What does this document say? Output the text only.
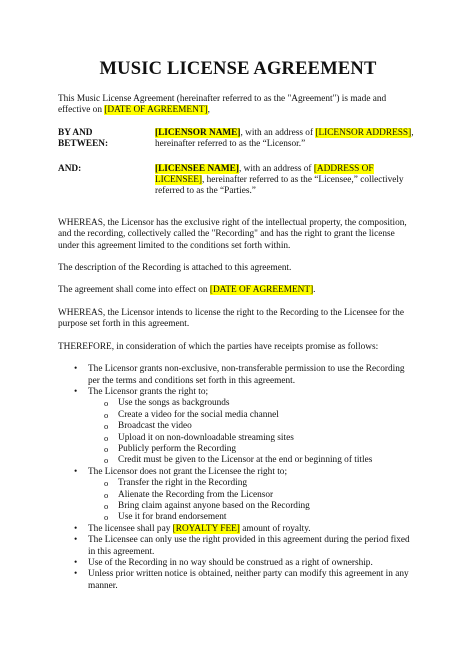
MUSIC LICENSE AGREEMENT

This Music License Agreement (hereinafter referred to as the "Agreement") is made and effective on [DATE OF AGREEMENT],

BY AND
BETWEEN:
[LICENSOR NAME], with an address of [LICENSOR ADDRESS], hereinafter referred to as the “Licensor.”
AND:	[LICENSEE NAME], with an address of [ADDRESS OF LICENSEE], hereinafter referred to as the “Licensee,” collectively referred to as the “Parties.”

WHEREAS, the Licensor has the exclusive right of the intellectual property, the composition, and the recording, collectively called the "Recording" and has the right to grant the license under this agreement limited to the conditions set forth within.

The description of the Recording is attached to this agreement.

The agreement shall come into effect on [DATE OF AGREEMENT].

WHEREAS, the Licensor intends to license the right to the Recording to the Licensee for the purpose set forth in this agreement.

THEREFORE, in consideration of which the parties have receipts promise as follows:

• The Licensor grants non-exclusive, non-transferable permission to use the Recording per the terms and conditions set forth in this agreement.
• The Licensor grants the right to;
o Use the songs as backgrounds
o Create a video for the social media channel
o Broadcast the video
o Upload it on non-downloadable streaming sites
o Publicly perform the Recording
o Credit must be given to the Licensor at the end or beginning of titles
• The Licensor does not grant the Licensee the right to;
o Transfer the right in the Recording
o Alienate the Recording from the Licensor
o Bring claim against anyone based on the Recording
o Use it for brand endorsement
• The licensee shall pay [ROYALTY FEE] amount of royalty.
• The Licensee can only use the right provided in this agreement during the period fixed in this agreement.
• Use of the Recording in no way should be construed as a right of ownership.
• Unless prior written notice is obtained, neither party can modify this agreement in any manner.
